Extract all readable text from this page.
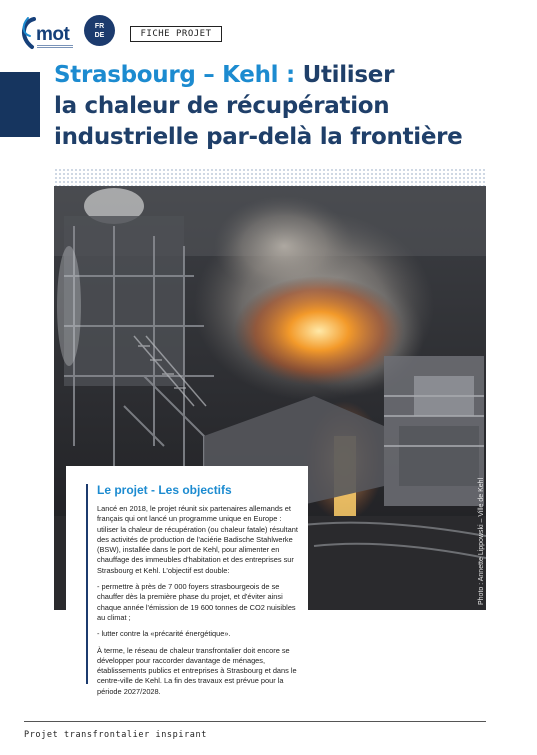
mot	FR
DE	FICHE PROJET
Strasbourg – Kehl : Utiliser
la chaleur de récupération
industrielle par-delà la frontière
Photo : Annette Lippowski – Ville de Kehl
Le projet - Les objectifs

Lancé en 2018, le projet réunit six partenaires allemands et français qui ont lancé un programme unique en Europe : utiliser la chaleur de récupération (ou chaleur fatale) résultant des activités de production de l'aciérie Badische Stahlwerke (BSW), installée dans le port de Kehl, pour alimenter en chauffage des immeubles d'habitation et des entreprises sur Strasbourg et Kehl. L'objectif est double:

- permettre à près de 7 000 foyers strasbourgeois de se chauffer dès la première phase du projet, et d'éviter ainsi chaque année l'émission de 19 600 tonnes de CO2 nuisibles au climat ;

- lutter contre la «précarité énergétique».

À terme, le réseau de chaleur transfrontalier doit encore se développer pour raccorder davantage de ménages, établissements publics et entreprises à Strasbourg et dans le centre-ville de Kehl. La fin des travaux est prévue pour la période 2027/2028.

Projet transfrontalier inspirant
